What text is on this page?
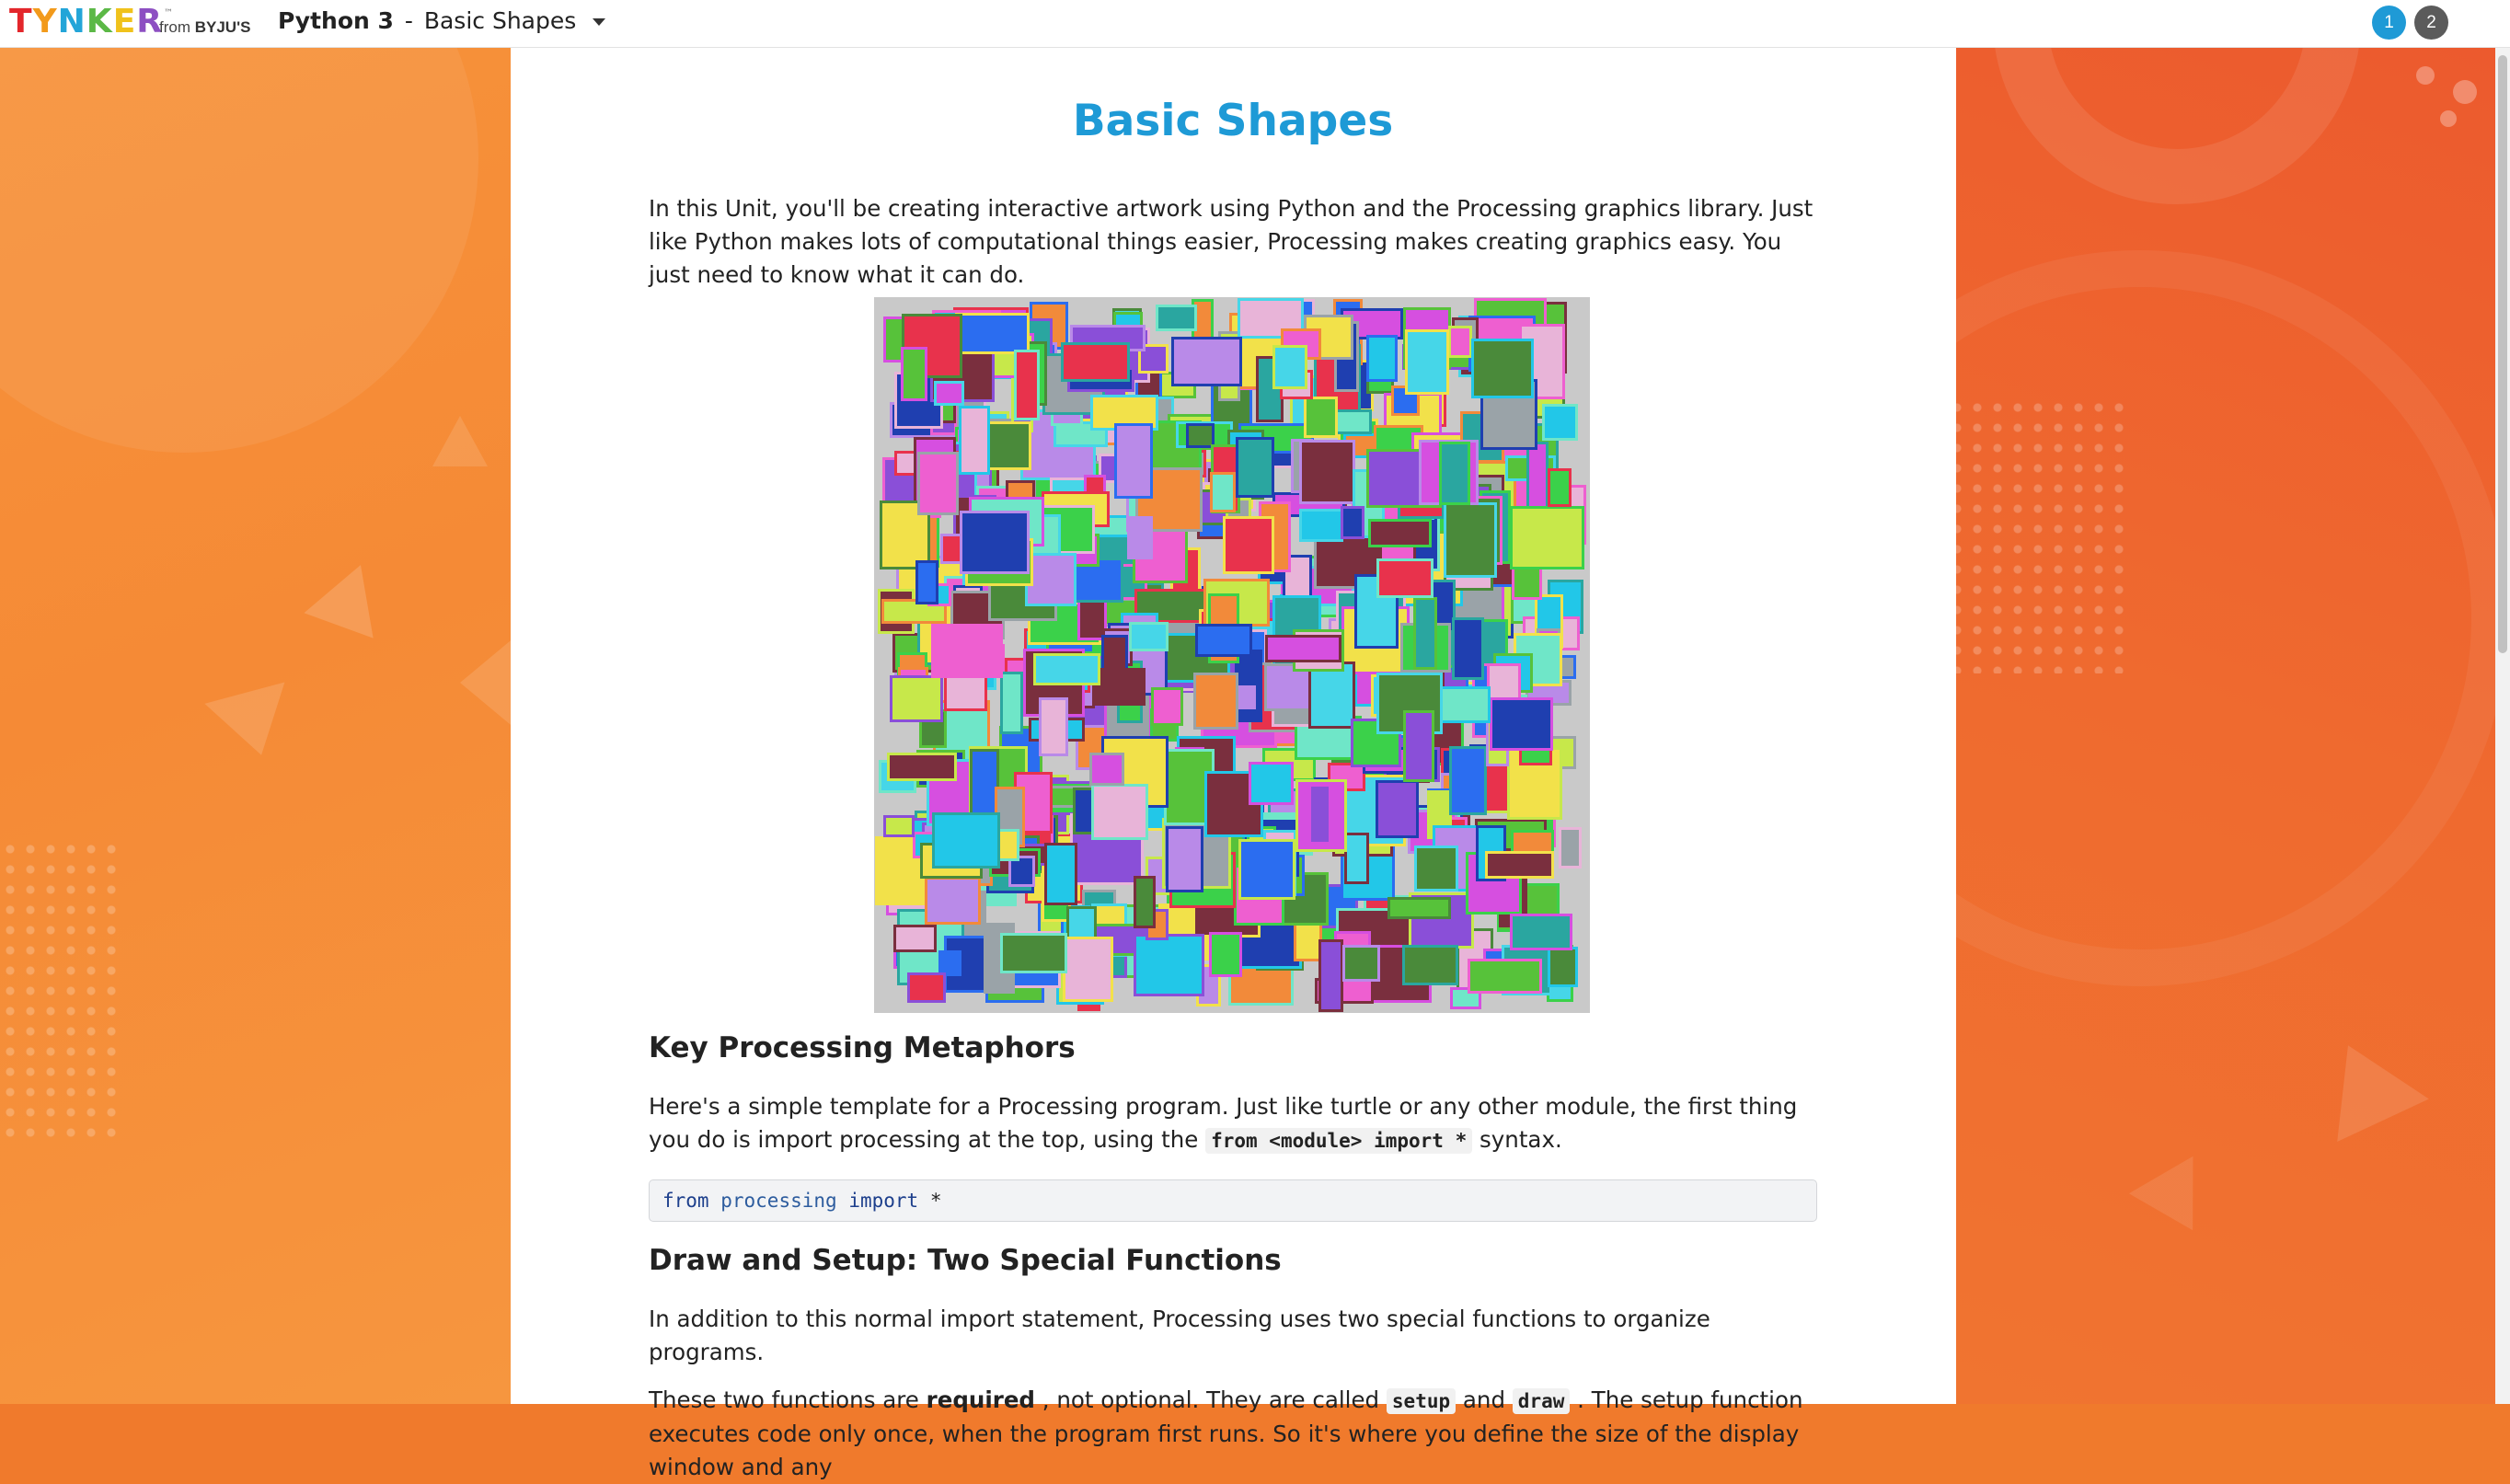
TYNKER ™
from BYJU'S Python 3 - Basic Shapes	1	2
Basic Shapes

In this Unit, you'll be creating interactive artwork using Python and the Processing graphics library. Just like Python makes lots of computational things easier, Processing makes creating graphics easy. You just need to know what it can do.

Key Processing Metaphors

Here's a simple template for a Processing program. Just like turtle or any other module, the first thing you do is import processing at the top, using the from <module> import * syntax.

from processing import *
Draw and Setup: Two Special Functions

In addition to this normal import statement, Processing uses two special functions to organize programs.

These two functions are required , not optional. They are called setup and draw . The setup function executes code only once, when the program first runs. So it's where you define the size of the display window and any
